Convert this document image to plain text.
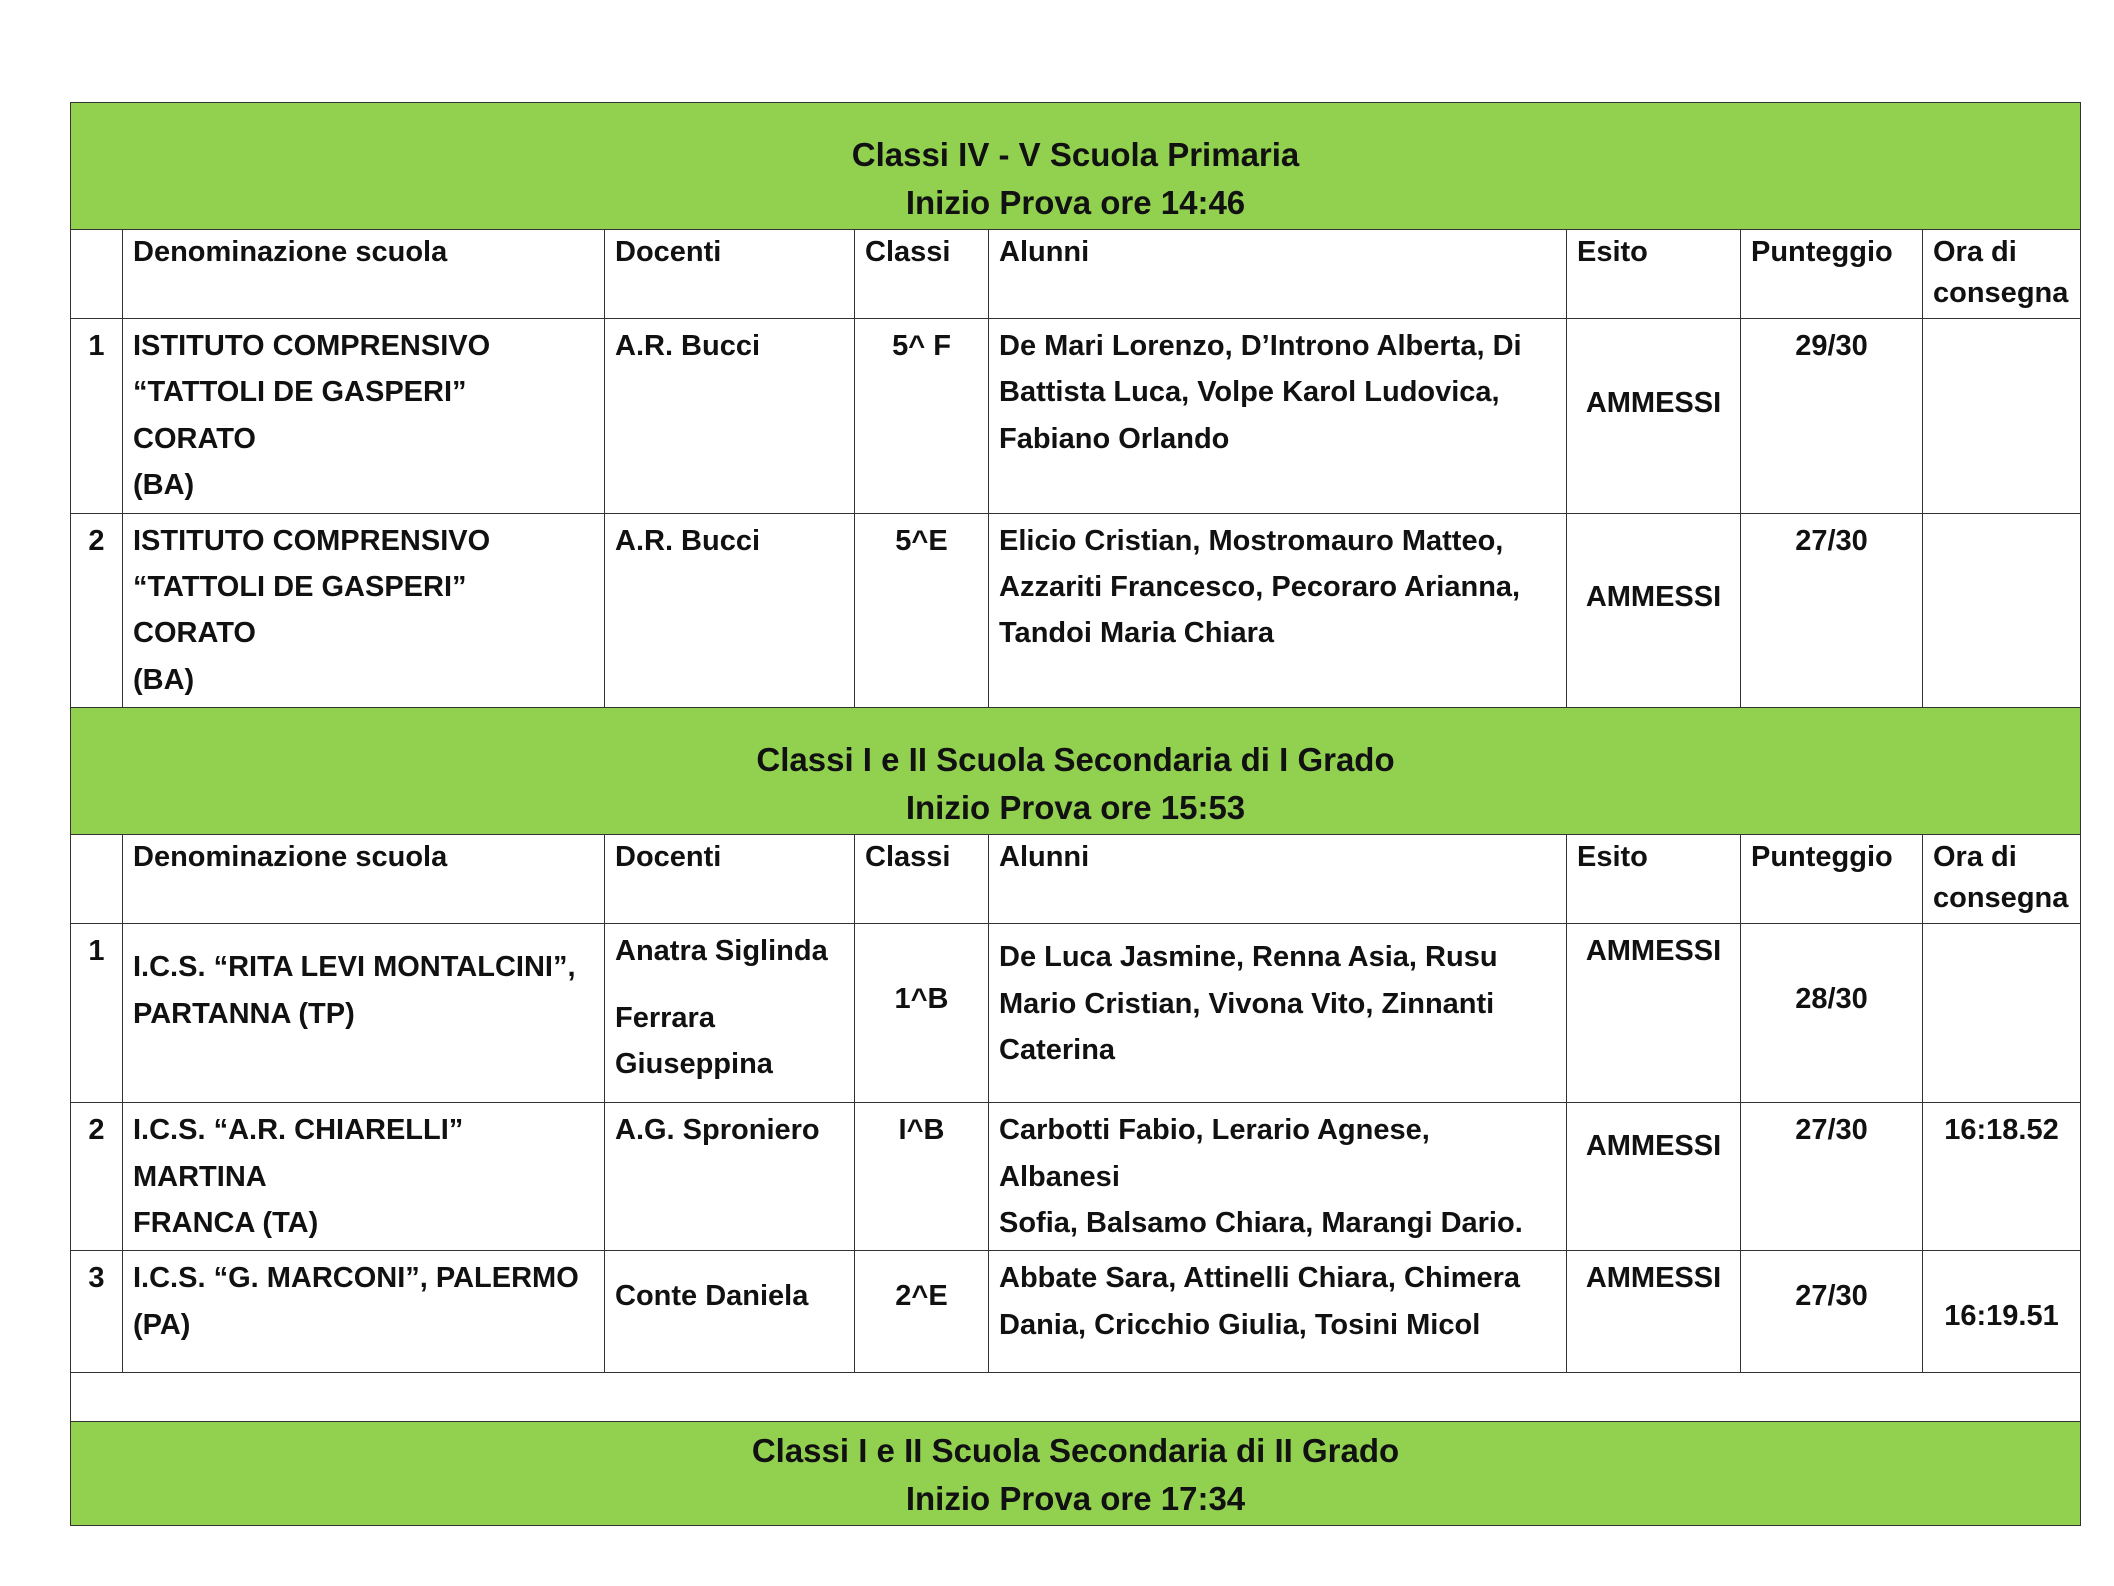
Classi IV - V Scuola Primaria
Inizio Prova ore 14:46							

	Denominazione scuola	Docenti	Classi	Alunni	Esito	Punteggio	Ora di
consegna

1	ISTITUTO COMPRENSIVO
“TATTOLI DE GASPERI” CORATO
(BA)	A.R. Bucci	5^ F	De Mari Lorenzo, D’Introno Alberta, Di
Battista Luca, Volpe Karol Ludovica,
Fabiano Orlando	AMMESSI	29/30	
2	ISTITUTO COMPRENSIVO
“TATTOLI DE GASPERI” CORATO
(BA)	A.R. Bucci	5^E	Elicio Cristian, Mostromauro Matteo,
Azzariti Francesco, Pecoraro Arianna,
Tandoi Maria Chiara	AMMESSI	27/30	

Classi I e II Scuola Secondaria di I Grado
Inizio Prova ore 15:53							

	Denominazione scuola	Docenti	Classi	Alunni	Esito	Punteggio	Ora di
consegna

1	I.C.S. “RITA LEVI MONTALCINI”,
PARTANNA (TP)	Anatra Siglinda
Ferrara
Giuseppina	1^B	De Luca Jasmine, Renna Asia, Rusu
Mario Cristian, Vivona Vito, Zinnanti
Caterina	AMMESSI	28/30	
2	I.C.S. “A.R. CHIARELLI” MARTINA
FRANCA (TA)	A.G. Sproniero	I^B	Carbotti Fabio, Lerario Agnese, Albanesi
Sofia, Balsamo Chiara, Marangi Dario.	AMMESSI	27/30	16:18.52
3	I.C.S. “G. MARCONI”, PALERMO
(PA)	Conte Daniela	2^E	Abbate Sara, Attinelli Chiara, Chimera
Dania, Cricchio Giulia, Tosini Micol	AMMESSI	27/30	16:19.51

Classi I e II Scuola Secondaria di II Grado
Inizio Prova ore 17:34							
